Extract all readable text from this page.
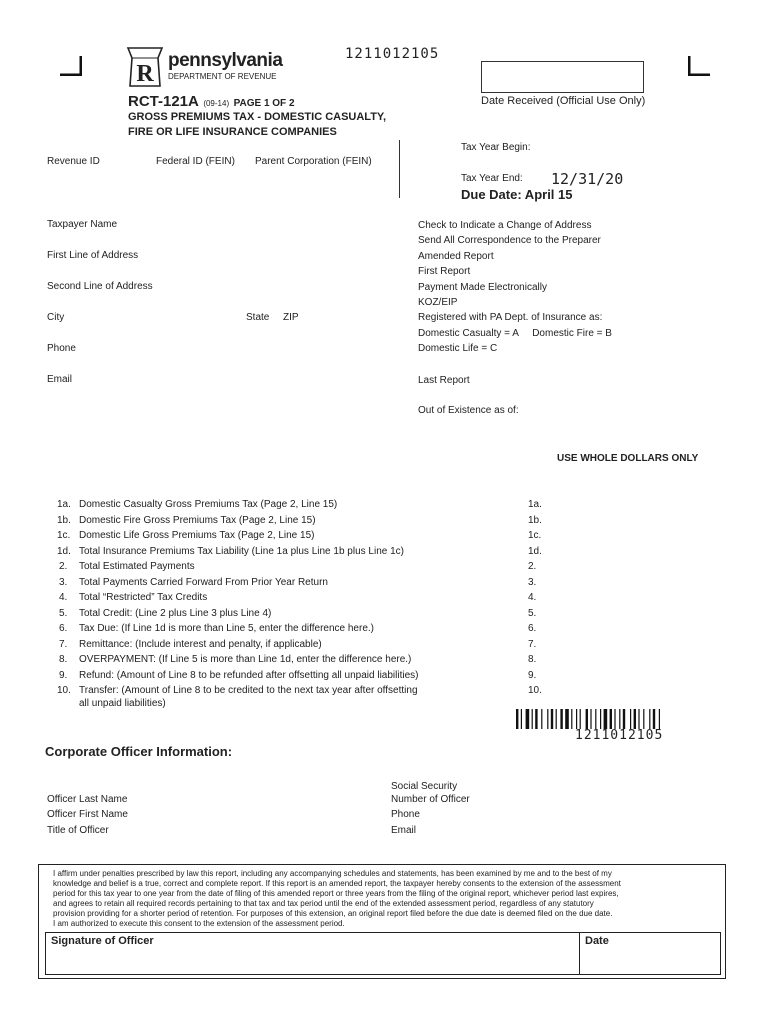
R
pennsylvania
DEPARTMENT OF REVENUE
1211012105
Date Received (Official Use Only)
RCT-121A (09-14) PAGE 1 OF 2
GROSS PREMIUMS TAX - DOMESTIC CASUALTY,
FIRE OR LIFE INSURANCE COMPANIES
Revenue ID	Federal ID (FEIN) Parent Corporation (FEIN)
Tax Year Begin:
Tax Year End: 12/31/20
Due Date: April 15
Taxpayer Name
First Line of Address
Second Line of Address
City	State ZIP
Phone
Email
Check to Indicate a Change of Address
Send All Correspondence to the Preparer
Amended Report
First Report
Payment Made Electronically
KOZ/EIP
Registered with PA Dept. of Insurance as:
Domestic Casualty = A     Domestic Fire = B
Domestic Life = C
Last Report
Out of Existence as of:
USE WHOLE DOLLARS ONLY
1a. Domestic Casualty Gross Premiums Tax (Page 2, Line 15)	1a.
1b. Domestic Fire Gross Premiums Tax (Page 2, Line 15)	1b.
1c. Domestic Life Gross Premiums Tax (Page 2, Line 15)	1c.
1d. Total Insurance Premiums Tax Liability (Line 1a plus Line 1b plus Line 1c)	1d.
2. Total Estimated Payments	2.
3. Total Payments Carried Forward From Prior Year Return	3.
4. Total “Restricted” Tax Credits	4.
5. Total Credit: (Line 2 plus Line 3 plus Line 4)	5.
6. Tax Due: (If Line 1d is more than Line 5, enter the difference here.)	6.
7. Remittance: (Include interest and penalty, if applicable)	7.
8. OVERPAYMENT: (If Line 5 is more than Line 1d, enter the difference here.)	8.
9. Refund: (Amount of Line 8 to be refunded after offsetting all unpaid liabilities)	9.
10. Transfer: (Amount of Line 8 to be credited to the next tax year after offsetting	10.
all unpaid liabilities)
1211012105
Corporate Officer Information:
Officer Last Name
Officer First Name
Title of Officer
Social Security
Number of Officer
Phone
Email
I affirm under penalties prescribed by law this report, including any accompanying schedules and statements, has been examined by me and to the best of my
knowledge and belief is a true, correct and complete report. If this report is an amended report, the taxpayer hereby consents to the extension of the assessment
period for this tax year to one year from the date of filing of this amended report or three years from the filing of the original report, whichever period last expires,
and agrees to retain all required records pertaining to that tax and tax period until the end of the extended assessment period, regardless of any statutory
provision providing for a shorter period of retention. For purposes of this extension, an original report filed before the due date is deemed filed on the due date.
I am authorized to execute this consent to the extension of the assessment period.
Signature of Officer	Date
